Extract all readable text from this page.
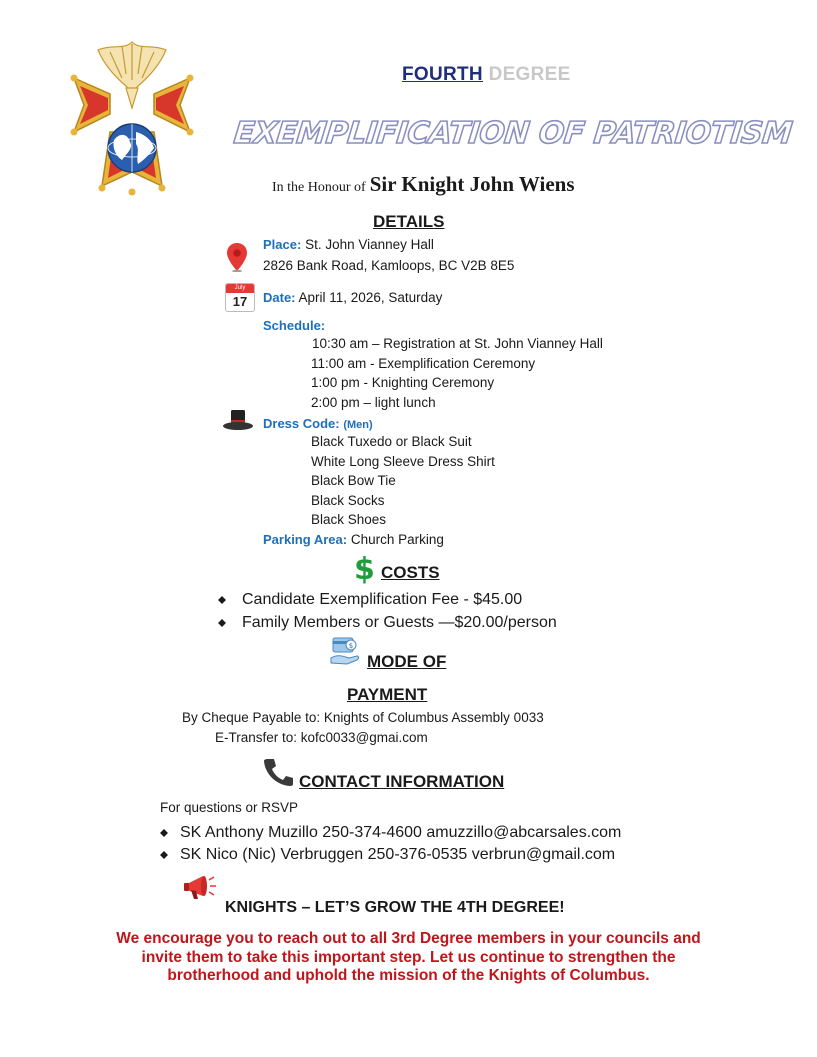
FOURTH DEGREE
EXEMPLIFICATION OF PATRIOTISM
In the Honour of Sir Knight John Wiens
DETAILS
Place: St. John Vianney Hall
2826 Bank Road, Kamloops, BC V2B 8E5
July
17	Date: April 11, 2026, Saturday
Schedule:
10:30 am – Registration at St. John Vianney Hall
11:00 am - Exemplification Ceremony
1:00 pm - Knighting Ceremony
2:00 pm – light lunch
Dress Code: (Men)
Black Tuxedo or Black Suit
White Long Sleeve Dress Shirt
Black Bow Tie
Black Socks
Black Shoes
Parking Area: Church Parking
$ COSTS
Candidate Exemplification Fee - $45.00
Family Members or Guests —$20.00/person
$
MODE OF
PAYMENT
By Cheque Payable to: Knights of Columbus Assembly 0033
E-Transfer to: kofc0033@gmai.com
CONTACT INFORMATION
For questions or RSVP
SK Anthony Muzillo 250-374-4600 amuzzillo@abcarsales.com
SK Nico (Nic) Verbruggen 250-376-0535 verbrun@gmail.com
KNIGHTS – LET’S GROW THE 4TH DEGREE!
We encourage you to reach out to all 3rd Degree members in your councils and
invite them to take this important step. Let us continue to strengthen the
brotherhood and uphold the mission of the Knights of Columbus.
